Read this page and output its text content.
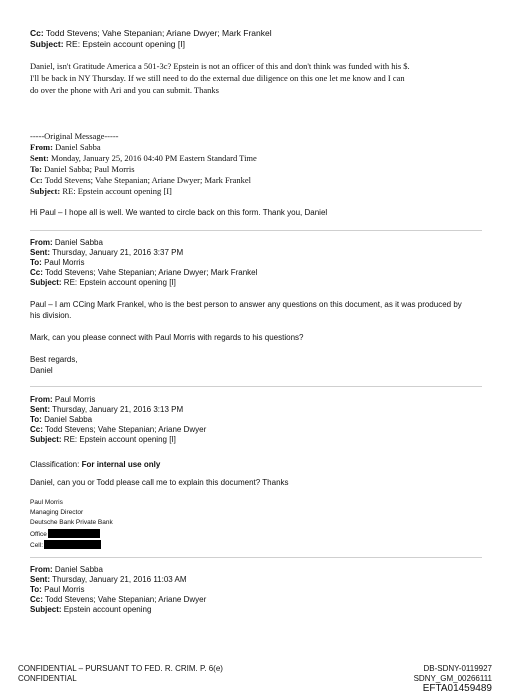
Cc: Todd Stevens; Vahe Stepanian; Ariane Dwyer; Mark Frankel
Subject: RE: Epstein account opening [I]
Daniel, isn't Gratitude America a 501-3c? Epstein is not an officer of this and don't think was funded with his $.
I'll be back in NY Thursday. If we still need to do the external due diligence on this one let me know and I can
do over the phone with Ari and you can submit. Thanks
-----Original Message-----
From: Daniel Sabba
Sent: Monday, January 25, 2016 04:40 PM Eastern Standard Time
To: Daniel Sabba; Paul Morris
Cc: Todd Stevens; Vahe Stepanian; Ariane Dwyer; Mark Frankel
Subject: RE: Epstein account opening [I]
Hi Paul – I hope all is well. We wanted to circle back on this form. Thank you, Daniel
From: Daniel Sabba
Sent: Thursday, January 21, 2016 3:37 PM
To: Paul Morris
Cc: Todd Stevens; Vahe Stepanian; Ariane Dwyer; Mark Frankel
Subject: RE: Epstein account opening [I]
Paul – I am CCing Mark Frankel, who is the best person to answer any questions on this document, as it was produced by
his division.
Mark, can you please connect with Paul Morris with regards to his questions?
Best regards,
Daniel
From: Paul Morris
Sent: Thursday, January 21, 2016 3:13 PM
To: Daniel Sabba
Cc: Todd Stevens; Vahe Stepanian; Ariane Dwyer
Subject: RE: Epstein account opening [I]
Classification: For internal use only
Daniel, can you or Todd please call me to explain this document? Thanks
Paul Morris
Managing Director
Deutsche Bank Private Bank
Office
Cell:
From: Daniel Sabba
Sent: Thursday, January 21, 2016 11:03 AM
To: Paul Morris
Cc: Todd Stevens; Vahe Stepanian; Ariane Dwyer
Subject: Epstein account opening
CONFIDENTIAL – PURSUANT TO FED. R. CRIM. P. 6(e)
CONFIDENTIAL
DB-SDNY-0119927
SDNY_GM_00266111
EFTA01459489
